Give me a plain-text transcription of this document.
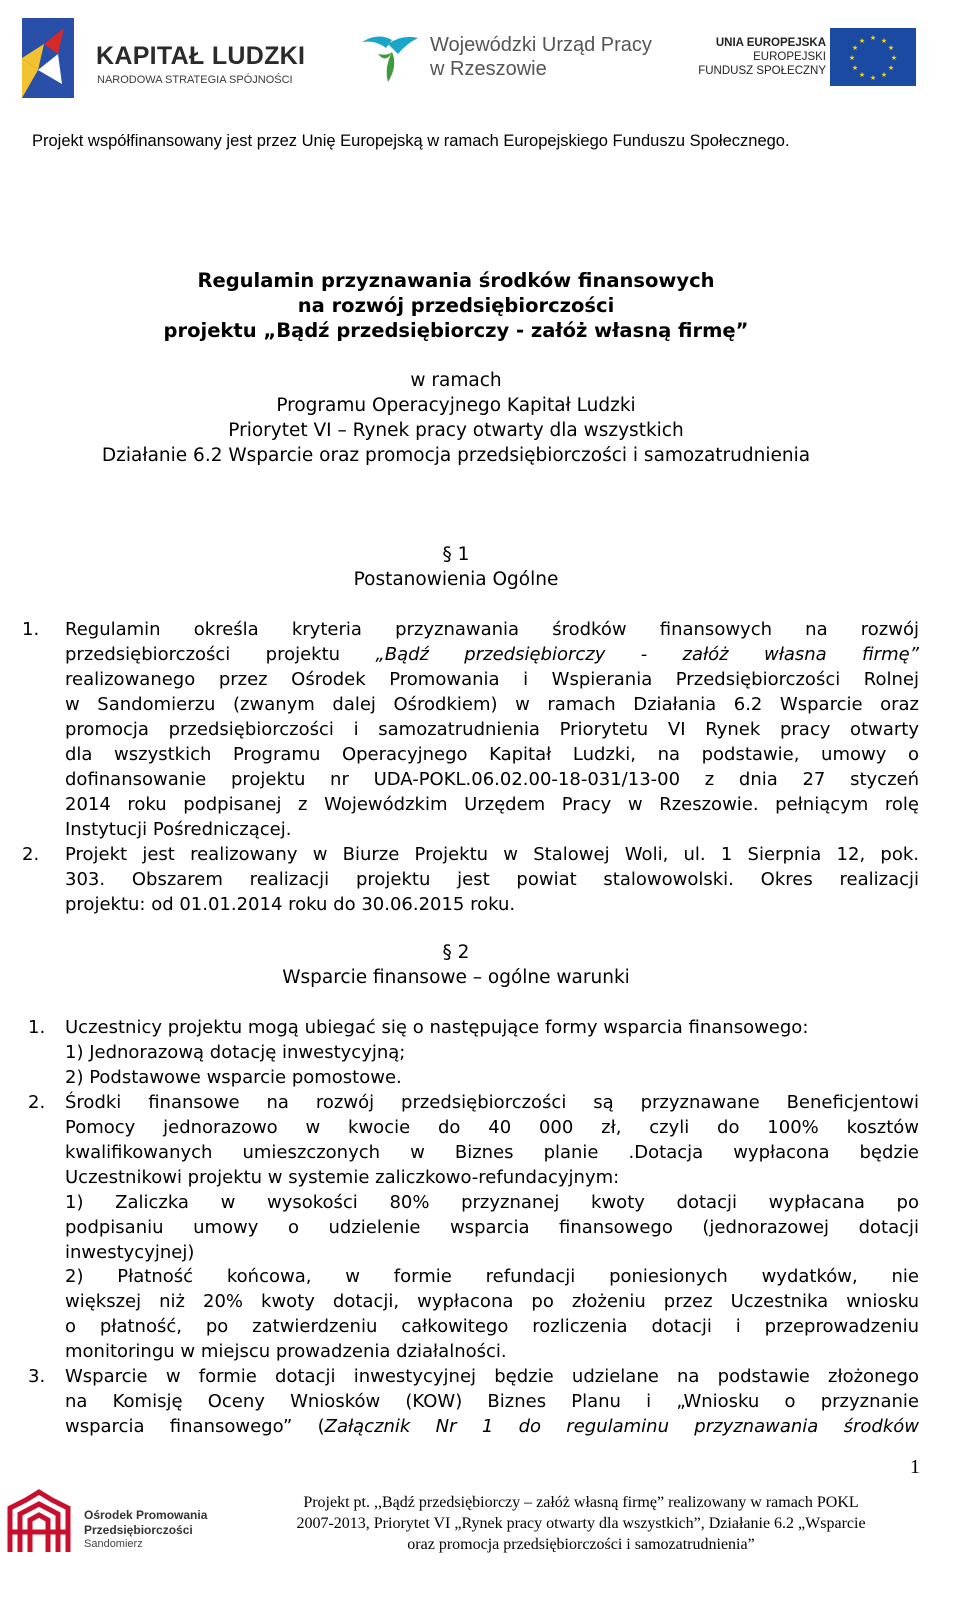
KAPITAŁ LUDZKI
NARODOWA STRATEGIA SPÓJNOŚCI
Wojewódzki Urząd Pracy
w Rzeszowie
UNIA EUROPEJSKA
EUROPEJSKI
FUNDUSZ SPOŁECZNY
★ ★
★
★
★
★
★
★
★
★
★
★
Projekt współfinansowany jest przez Unię Europejską w ramach Europejskiego Funduszu Społecznego.
Regulamin przyznawania środków finansowych
na rozwój przedsiębiorczości
projektu „Bądź przedsiębiorczy - załóż własną firmę”
w ramach
Programu Operacyjnego Kapitał Ludzki
Priorytet VI – Rynek pracy otwarty dla wszystkich
Działanie 6.2 Wsparcie oraz promocja przedsiębiorczości i samozatrudnienia
§ 1
Postanowienia Ogólne
1. Regulamin określa kryteria przyznawania środków finansowych na rozwój
przedsiębiorczości projektu „Bądź przedsiębiorczy - załóż własna firmę”
realizowanego przez Ośrodek Promowania i Wspierania Przedsiębiorczości Rolnej
w Sandomierzu (zwanym dalej Ośrodkiem) w ramach Działania 6.2 Wsparcie oraz
promocja przedsiębiorczości i samozatrudnienia Priorytetu VI Rynek pracy otwarty
dla wszystkich Programu Operacyjnego Kapitał Ludzki, na podstawie, umowy o
dofinansowanie projektu nr UDA-POKL.06.02.00-18-031/13-00 z dnia 27 styczeń
2014 roku podpisanej z Wojewódzkim Urzędem Pracy w Rzeszowie. pełniącym rolę
Instytucji Pośredniczącej.
2. Projekt jest realizowany w Biurze Projektu w Stalowej Woli, ul. 1 Sierpnia 12, pok.
303. Obszarem realizacji projektu jest powiat stalowowolski. Okres realizacji
projektu: od 01.01.2014 roku do 30.06.2015 roku.
§ 2
Wsparcie finansowe – ogólne warunki
1. Uczestnicy projektu mogą ubiegać się o następujące formy wsparcia finansowego:
1) Jednorazową dotację inwestycyjną;
2) Podstawowe wsparcie pomostowe.
2. Środki finansowe na rozwój przedsiębiorczości są przyznawane Beneficjentowi
Pomocy jednorazowo w kwocie do 40 000 zł, czyli do 100% kosztów
kwalifikowanych umieszczonych w Biznes planie .Dotacja wypłacona będzie
Uczestnikowi projektu w systemie zaliczkowo-refundacyjnym:
1) Zaliczka w wysokości 80% przyznanej kwoty dotacji wypłacana po
podpisaniu umowy o udzielenie wsparcia finansowego (jednorazowej dotacji
inwestycyjnej)
2) Płatność końcowa, w formie refundacji poniesionych wydatków, nie
większej niż 20% kwoty dotacji, wypłacona po złożeniu przez Uczestnika wniosku
o płatność, po zatwierdzeniu całkowitego rozliczenia dotacji i przeprowadzeniu
monitoringu w miejscu prowadzenia działalności.
3. Wsparcie w formie dotacji inwestycyjnej będzie udzielane na podstawie złożonego
na Komisję Oceny Wniosków (KOW) Biznes Planu i „Wniosku o przyznanie
wsparcia finansowego” (Załącznik Nr 1 do regulaminu przyznawania środków
1
Ośrodek Promowania
Przedsiębiorczości
Sandomierz
Projekt pt. ,,Bądź przedsiębiorczy – załóż własną firmę” realizowany w ramach POKL
2007-2013, Priorytet VI „Rynek pracy otwarty dla wszystkich”, Działanie 6.2 „Wsparcie
oraz promocja przedsiębiorczości i samozatrudnienia”
